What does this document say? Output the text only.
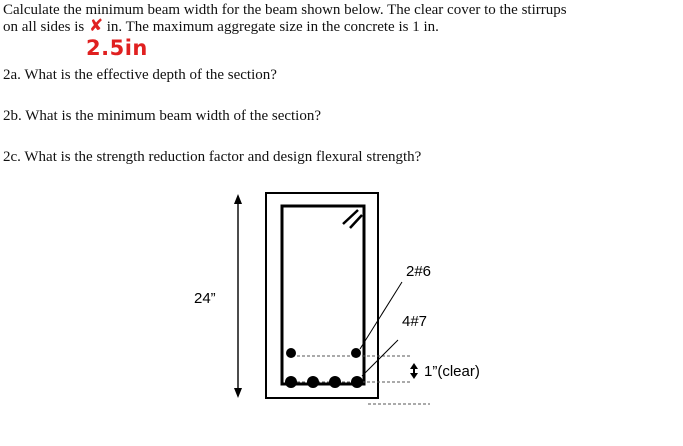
Calculate the minimum beam width for the beam shown below. The clear cover to the stirrups
on all sides is ✘ in. The maximum aggregate size in the concrete is 1 in.
2.5in
2a. What is the effective depth of the section?
2b. What is the minimum beam width of the section?
2c. What is the strength reduction factor and design flexural strength?
24”
2#6
4#7
1”(clear)
